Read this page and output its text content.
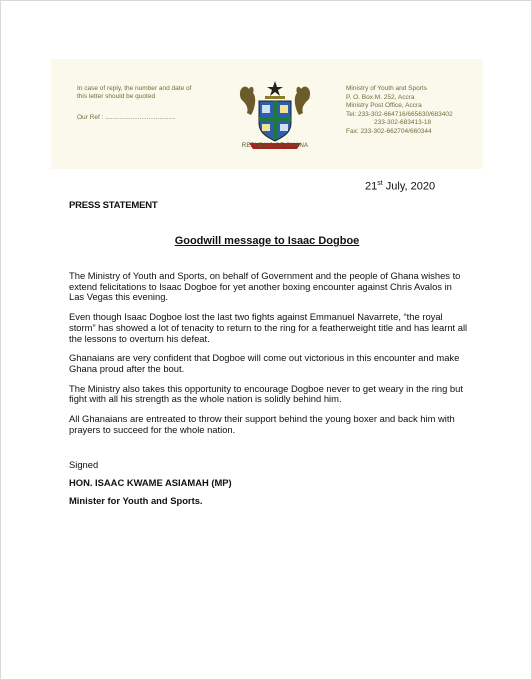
In case of reply, the number and date of this letter should be quoted
Our Ref : .......................................
REPUBLIC OF GHANA
Ministry of Youth and Sports
P. O. Box M. 252, Accra
Ministry Post Office, Accra
Tel: 233-302-664716/665630/683402
233-302-683413-18
Fax: 233-302-662704/660344
21st July, 2020
PRESS STATEMENT
Goodwill message to Isaac Dogboe

The Ministry of Youth and Sports, on behalf of Government and the people of Ghana wishes to extend felicitations to Isaac Dogboe for yet another boxing encounter against Chris Avalos in Las Vegas this evening.

Even though Isaac Dogboe lost the last two fights against Emmanuel Navarrete, “the royal storm” has showed a lot of tenacity to return to the ring for a featherweight title and has learnt all the lessons to overturn his defeat.

Ghanaians are very confident that Dogboe will come out victorious in this encounter and make Ghana proud after the bout.

The Ministry also takes this opportunity to encourage Dogboe never to get weary in the ring but fight with all his strength as the whole nation is solidly behind him.

All Ghanaians are entreated to throw their support behind the young boxer and back him with prayers to succeed for the whole nation.

Signed
HON. ISAAC KWAME ASIAMAH (MP)
Minister for Youth and Sports.
